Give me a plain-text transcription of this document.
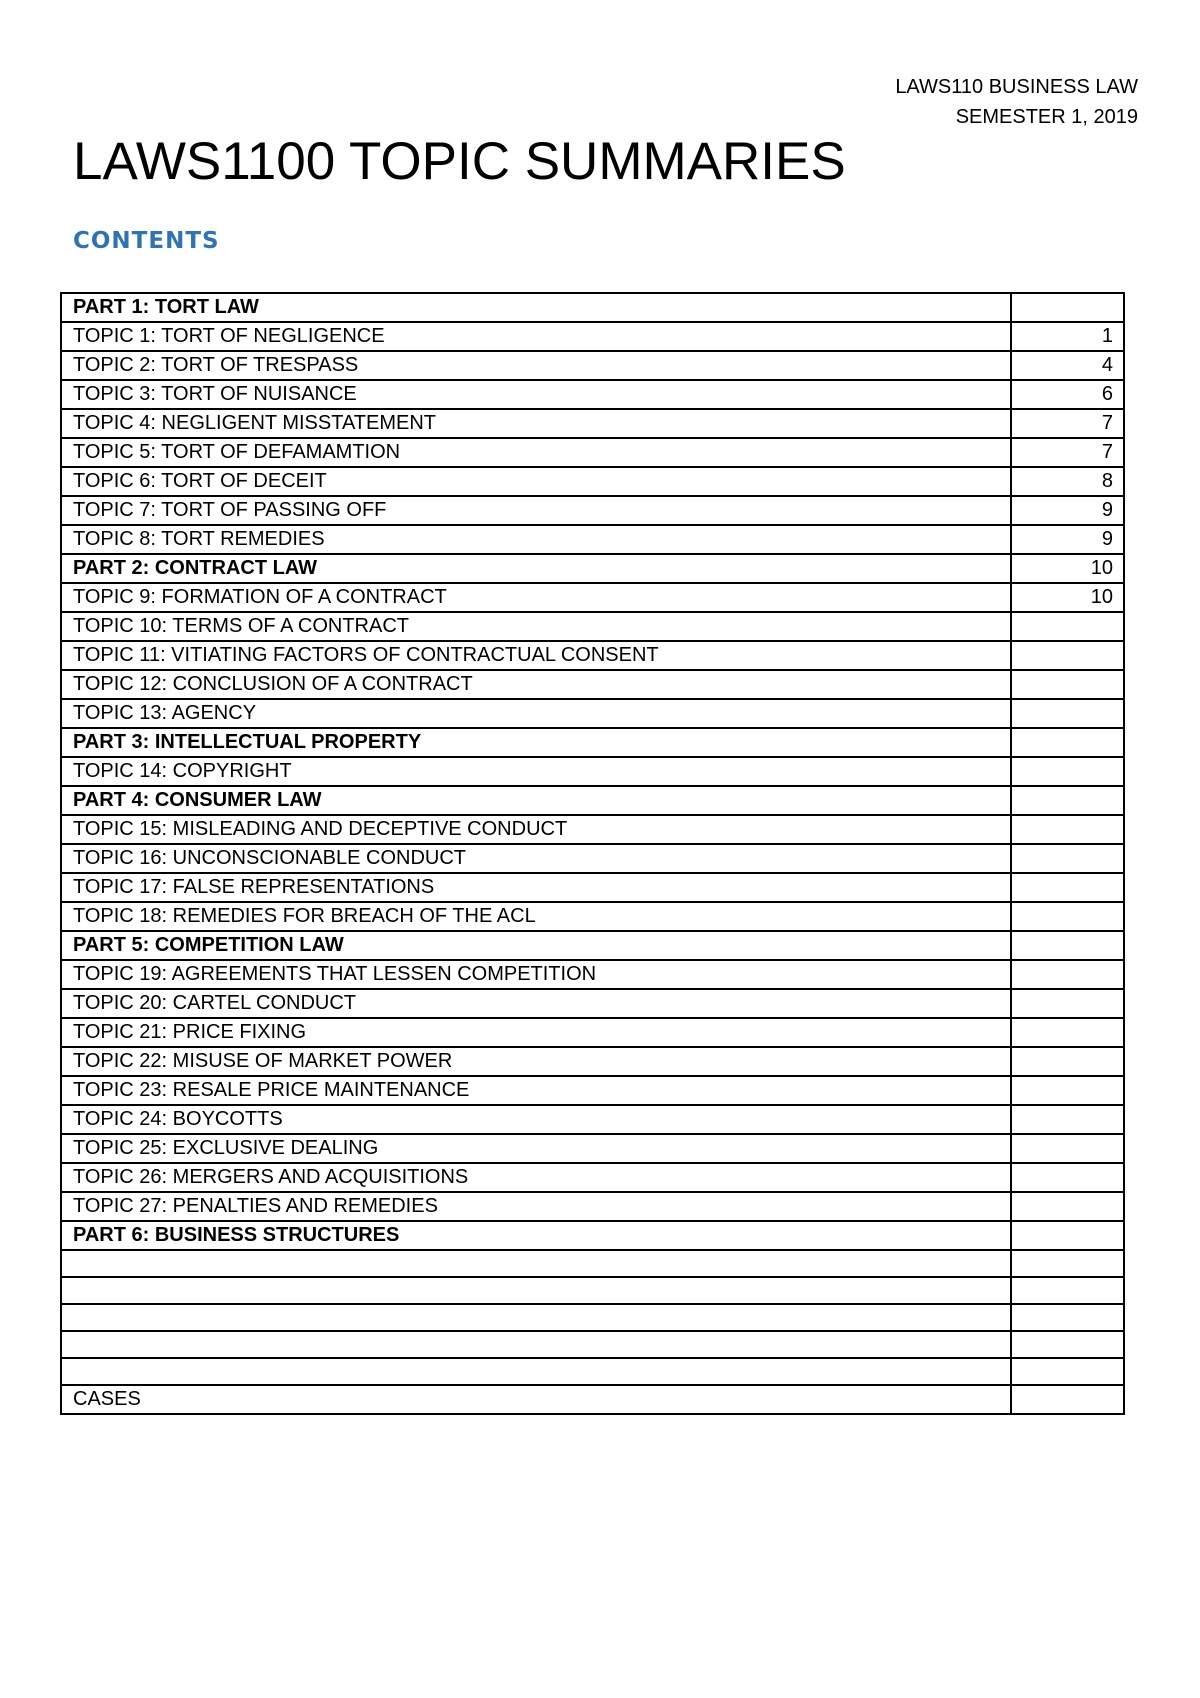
LAWS110 BUSINESS LAW
SEMESTER 1, 2019
LAWS1100 TOPIC SUMMARIES
CONTENTS
PART 1: TORT LAW	
TOPIC 1: TORT OF NEGLIGENCE	1
TOPIC 2: TORT OF TRESPASS	4
TOPIC 3: TORT OF NUISANCE	6
TOPIC 4: NEGLIGENT MISSTATEMENT	7
TOPIC 5: TORT OF DEFAMAMTION	7
TOPIC 6: TORT OF DECEIT	8
TOPIC 7: TORT OF PASSING OFF	9
TOPIC 8: TORT REMEDIES	9
PART 2: CONTRACT LAW	10
TOPIC 9: FORMATION OF A CONTRACT	10
TOPIC 10: TERMS OF A CONTRACT	
TOPIC 11: VITIATING FACTORS OF CONTRACTUAL CONSENT	
TOPIC 12: CONCLUSION OF A CONTRACT	
TOPIC 13: AGENCY	
PART 3: INTELLECTUAL PROPERTY	
TOPIC 14: COPYRIGHT	
PART 4: CONSUMER LAW	
TOPIC 15: MISLEADING AND DECEPTIVE CONDUCT	
TOPIC 16: UNCONSCIONABLE CONDUCT	
TOPIC 17: FALSE REPRESENTATIONS	
TOPIC 18: REMEDIES FOR BREACH OF THE ACL	
PART 5: COMPETITION LAW	
TOPIC 19: AGREEMENTS THAT LESSEN COMPETITION	
TOPIC 20: CARTEL CONDUCT	
TOPIC 21: PRICE FIXING	
TOPIC 22: MISUSE OF MARKET POWER	
TOPIC 23: RESALE PRICE MAINTENANCE	
TOPIC 24: BOYCOTTS	
TOPIC 25: EXCLUSIVE DEALING	
TOPIC 26: MERGERS AND ACQUISITIONS	
TOPIC 27: PENALTIES AND REMEDIES	
PART 6: BUSINESS STRUCTURES	

CASES	
